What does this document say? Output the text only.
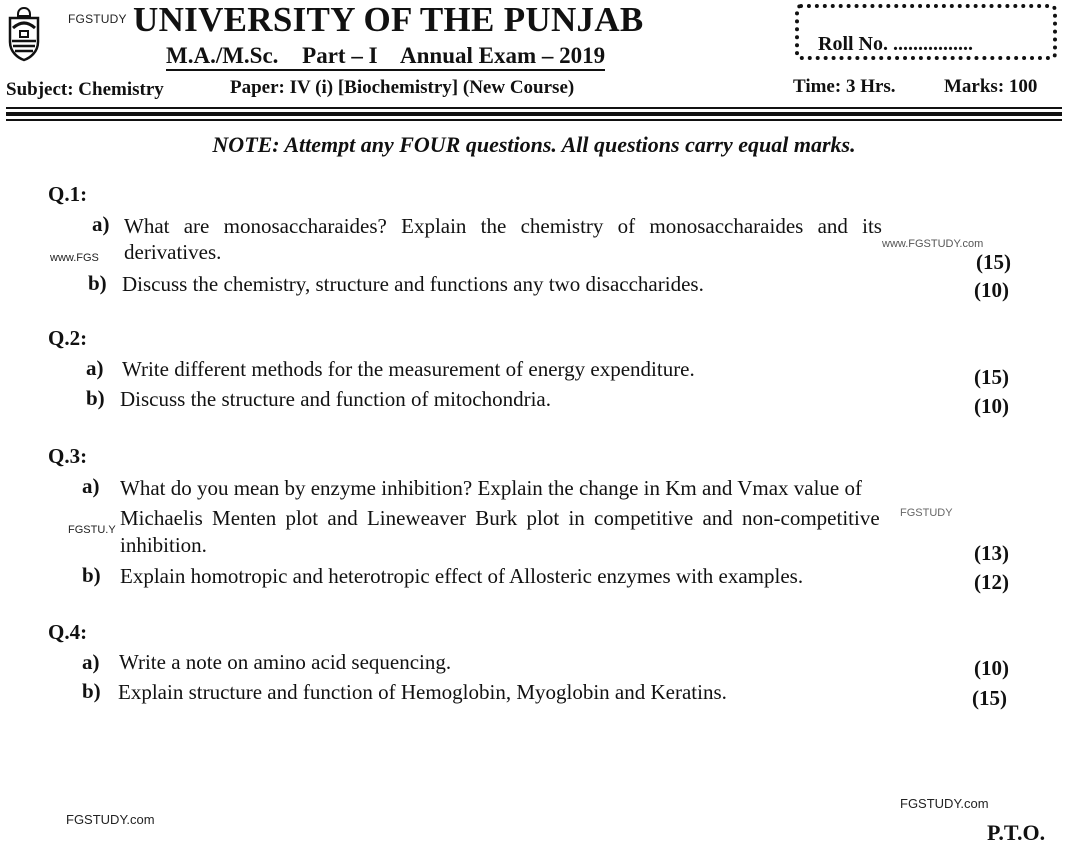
FGSTUDY UNIVERSITY OF THE PUNJAB
M.A./M.Sc. Part – I Annual Exam – 2019
Subject: Chemistry	Paper: IV (i) [Biochemistry] (New Course)
Roll No. ................
Time: 3 Hrs.	Marks: 100
NOTE: Attempt any FOUR questions. All questions carry equal marks.
Q.1:
a) What are monosaccharaides? Explain the chemistry of monosaccharaides and its
derivatives.	(15)
b) Discuss the chemistry, structure and functions any two disaccharides.	(10)
www.FGS
www.FGSTUDY.com
Q.2:
a) Write different methods for the measurement of energy expenditure.	(15)
b) Discuss the structure and function of mitochondria.	(10)
Q.3:
a) What do you mean by enzyme inhibition? Explain the change in Km and Vmax value of
Michaelis Menten plot and Lineweaver Burk plot in competitive and non-competitive
inhibition.	(13)
b) Explain homotropic and heterotropic effect of Allosteric enzymes with examples.	(12)
FGSTU.Y
FGSTUDY
Q.4:
a) Write a note on amino acid sequencing.	(10)
b) Explain structure and function of Hemoglobin, Myoglobin and Keratins.	(15)
FGSTUDY.com
FGSTUDY.com
P.T.O.
